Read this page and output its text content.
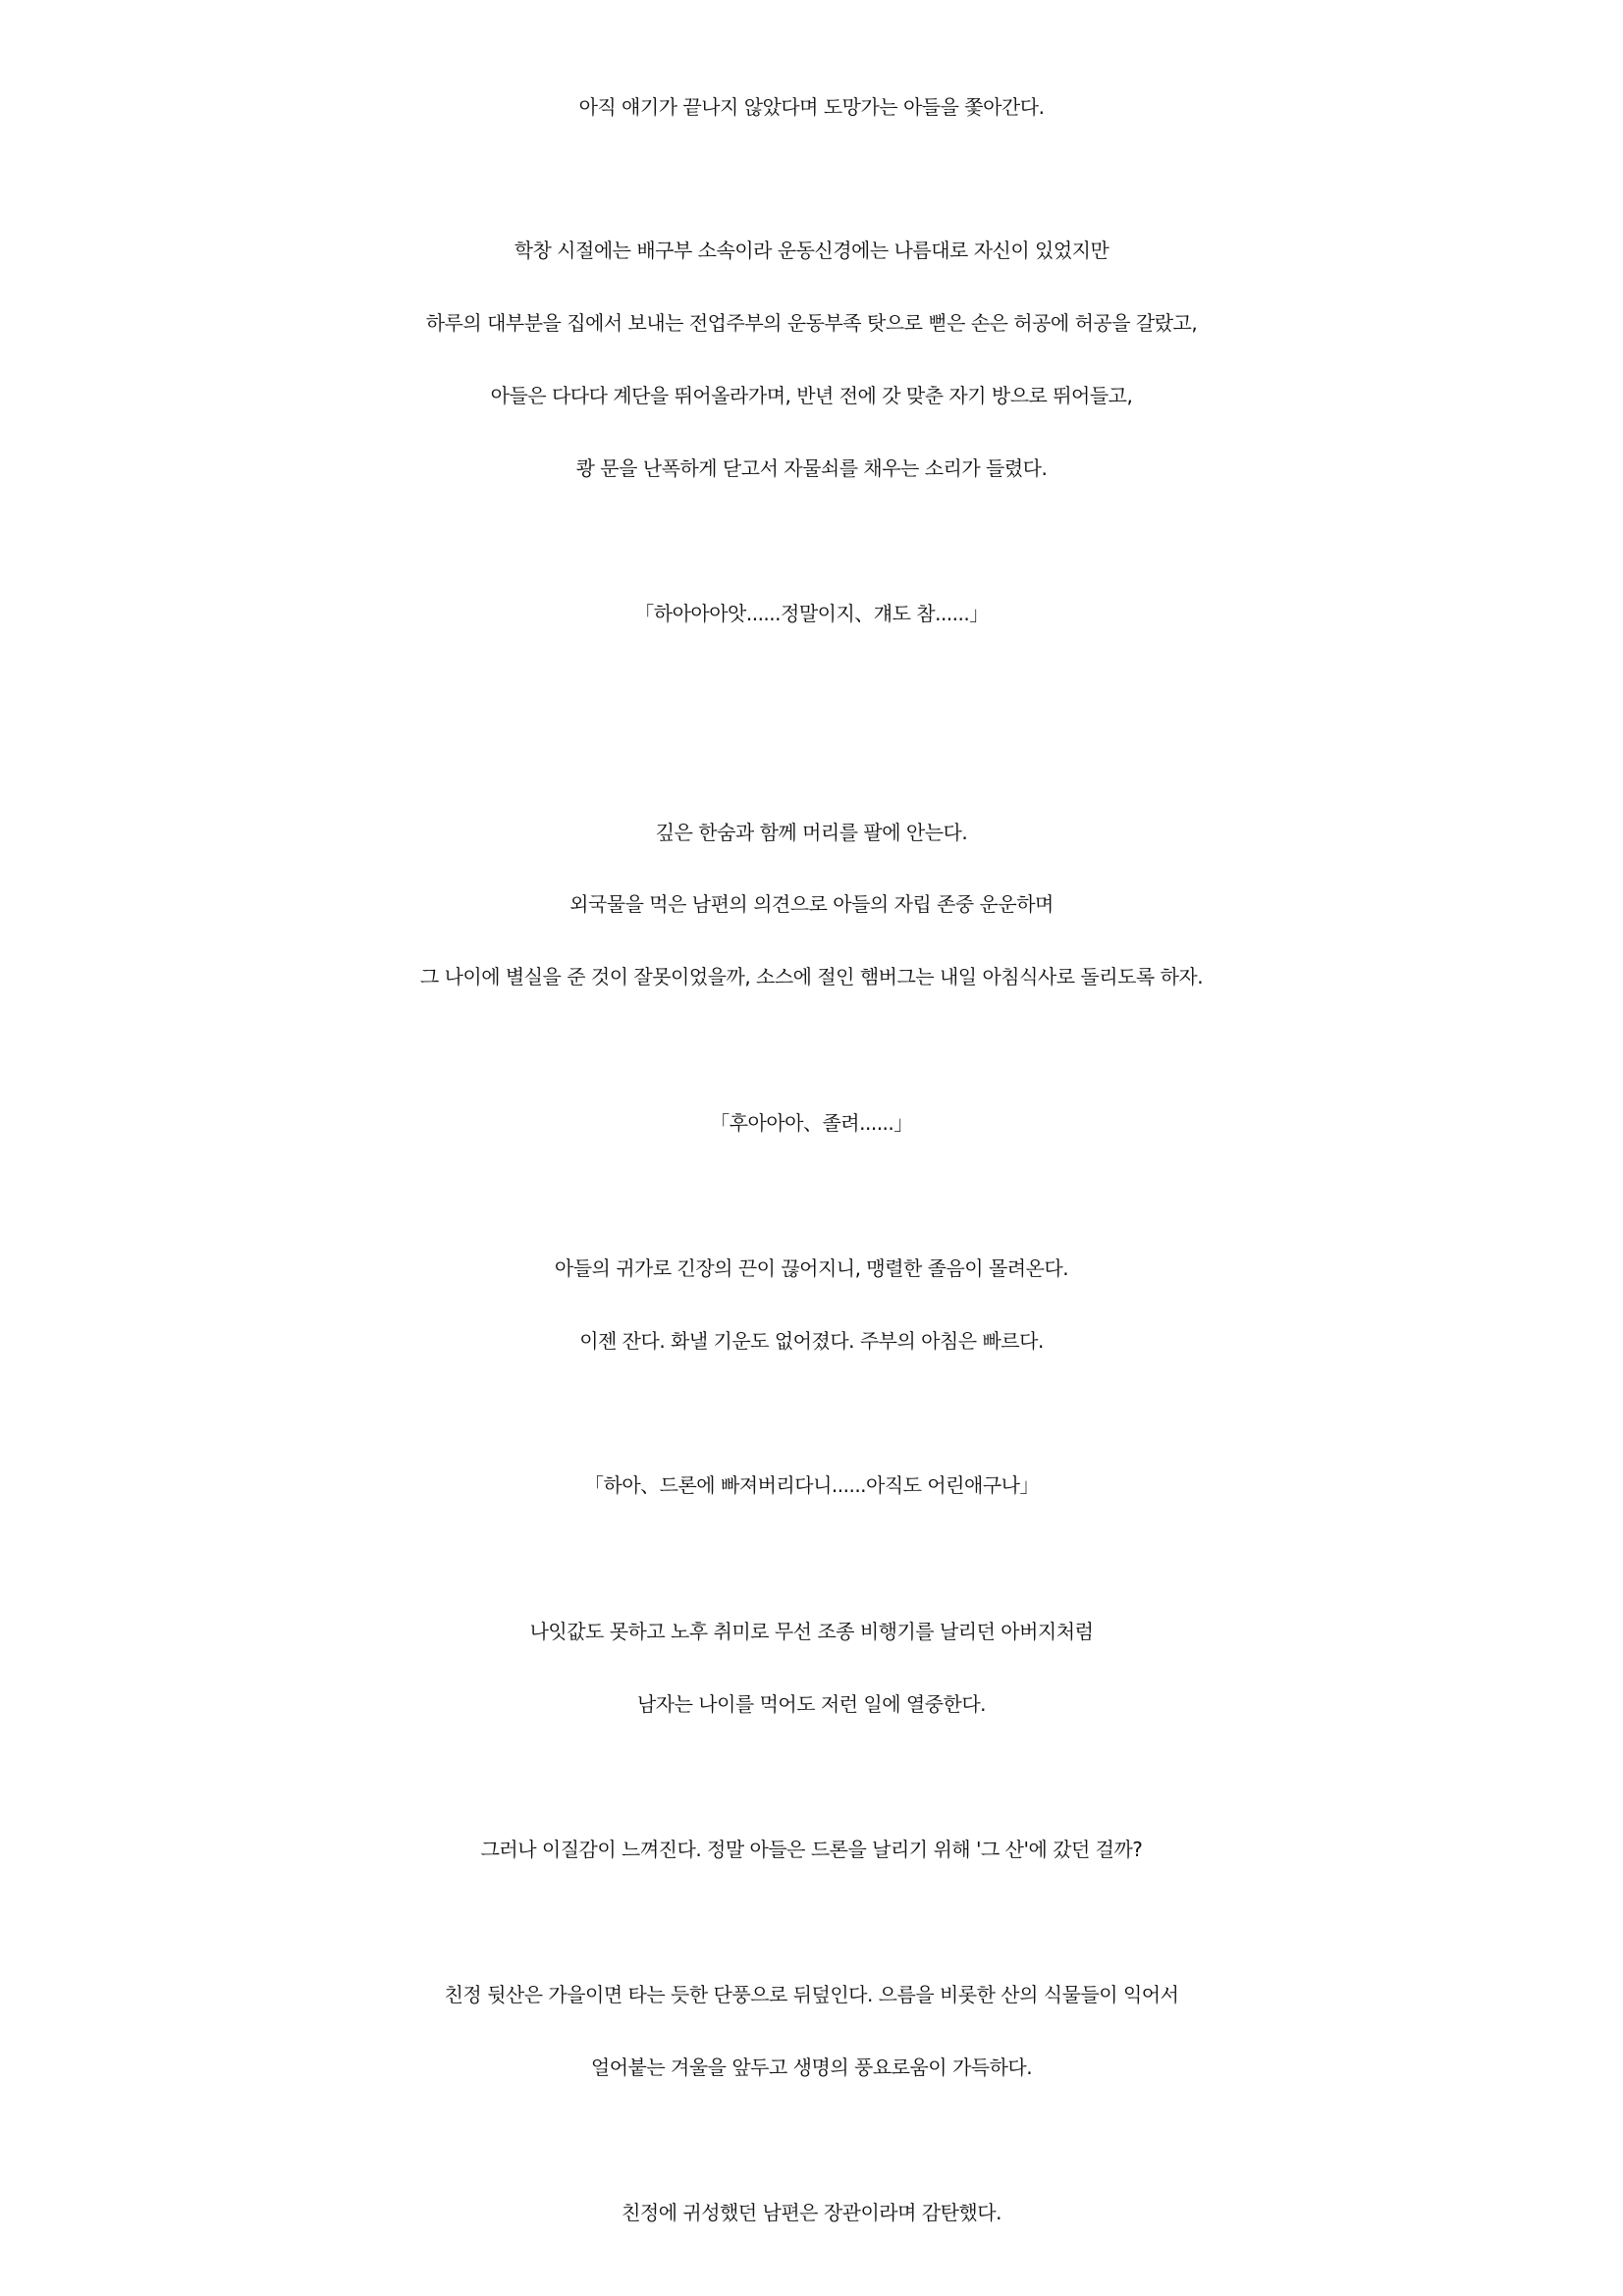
아직 얘기가 끝나지 않았다며 도망가는 아들을 쫓아간다.
학창 시절에는 배구부 소속이라 운동신경에는 나름대로 자신이 있었지만
하루의 대부분을 집에서 보내는 전업주부의 운동부족 탓으로 뻗은 손은 허공에 허공을 갈랐고,
아들은 다다다 계단을 뛰어올라가며, 반년 전에 갓 맞춘 자기 방으로 뛰어들고,
쾅 문을 난폭하게 닫고서 자물쇠를 채우는 소리가 들렸다.
「하아아아앗......정말이지、걔도 참......」
깊은 한숨과 함께 머리를 팔에 안는다.
외국물을 먹은 남편의 의견으로 아들의 자립 존중 운운하며
그 나이에 별실을 준 것이 잘못이었을까, 소스에 절인 햄버그는 내일 아침식사로 돌리도록 하자.
「후아아아、졸려......」
아들의 귀가로 긴장의 끈이 끊어지니, 맹렬한 졸음이 몰려온다.
이젠 잔다. 화낼 기운도 없어졌다. 주부의 아침은 빠르다.
「하아、드론에 빠져버리다니......아직도 어린애구나」
나잇값도 못하고 노후 취미로 무선 조종 비행기를 날리던 아버지처럼
남자는 나이를 먹어도 저런 일에 열중한다.
그러나 이질감이 느껴진다. 정말 아들은 드론을 날리기 위해 '그 산'에 갔던 걸까?
친정 뒷산은 가을이면 타는 듯한 단풍으로 뒤덮인다. 으름을 비롯한 산의 식물들이 익어서
얼어붙는 겨울을 앞두고 생명의 풍요로움이 가득하다.
친정에 귀성했던 남편은 장관이라며 감탄했다.
